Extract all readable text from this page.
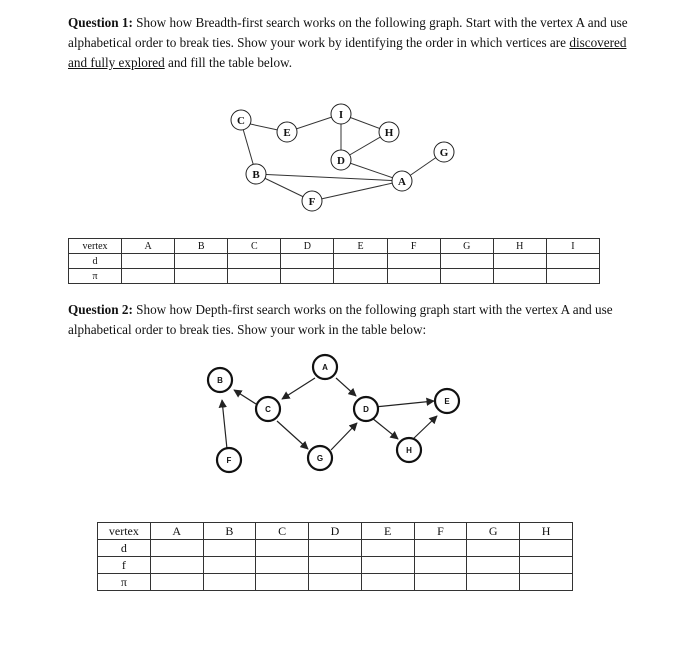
Question 1: Show how Breadth-first search works on the following graph. Start with the vertex A and use alphabetical order to break ties. Show your work by identifying the order in which vertices are discovered and fully explored and fill the table below.
C
E
I
H
G
D
B
A
F
vertex	A	B	C	D	E	F	G	H	I
d									
π									
Question 2: Show how Depth-first search works on the following graph start with the vertex A and use alphabetical order to break ties. Show your work in the table below:
A
B
C	D
E
F	G
H
vertex	A	B	C	D	E	F	G	H
d								
f								
π								
